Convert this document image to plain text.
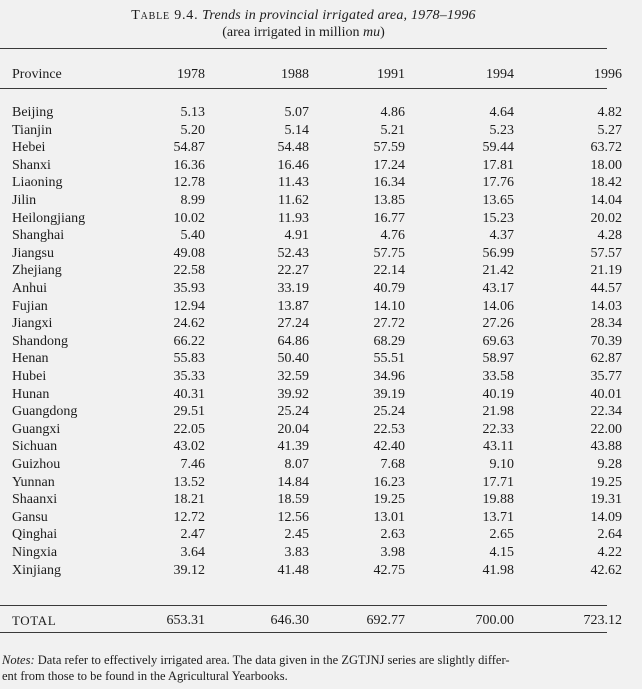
Table 9.4. Trends in provincial irrigated area, 1978–1996
(area irrigated in million mu)
Province	1978	1988	1991	1994	1996
Beijing	5.13	5.07	4.86	4.64	4.82
Tianjin	5.20	5.14	5.21	5.23	5.27
Hebei	54.87	54.48	57.59	59.44	63.72
Shanxi	16.36	16.46	17.24	17.81	18.00
Liaoning	12.78	11.43	16.34	17.76	18.42
Jilin	8.99	11.62	13.85	13.65	14.04
Heilongjiang	10.02	11.93	16.77	15.23	20.02
Shanghai	5.40	4.91	4.76	4.37	4.28
Jiangsu	49.08	52.43	57.75	56.99	57.57
Zhejiang	22.58	22.27	22.14	21.42	21.19
Anhui	35.93	33.19	40.79	43.17	44.57
Fujian	12.94	13.87	14.10	14.06	14.03
Jiangxi	24.62	27.24	27.72	27.26	28.34
Shandong	66.22	64.86	68.29	69.63	70.39
Henan	55.83	50.40	55.51	58.97	62.87
Hubei	35.33	32.59	34.96	33.58	35.77
Hunan	40.31	39.92	39.19	40.19	40.01
Guangdong	29.51	25.24	25.24	21.98	22.34
Guangxi	22.05	20.04	22.53	22.33	22.00
Sichuan	43.02	41.39	42.40	43.11	43.88
Guizhou	7.46	8.07	7.68	9.10	9.28
Yunnan	13.52	14.84	16.23	17.71	19.25
Shaanxi	18.21	18.59	19.25	19.88	19.31
Gansu	12.72	12.56	13.01	13.71	14.09
Qinghai	2.47	2.45	2.63	2.65	2.64
Ningxia	3.64	3.83	3.98	4.15	4.22
Xinjiang	39.12	41.48	42.75	41.98	42.62
TOTAL	653.31	646.30	692.77	700.00	723.12
Notes: Data refer to effectively irrigated area. The data given in the ZGTJNJ series are slightly differ-
ent from those to be found in the Agricultural Yearbooks.
